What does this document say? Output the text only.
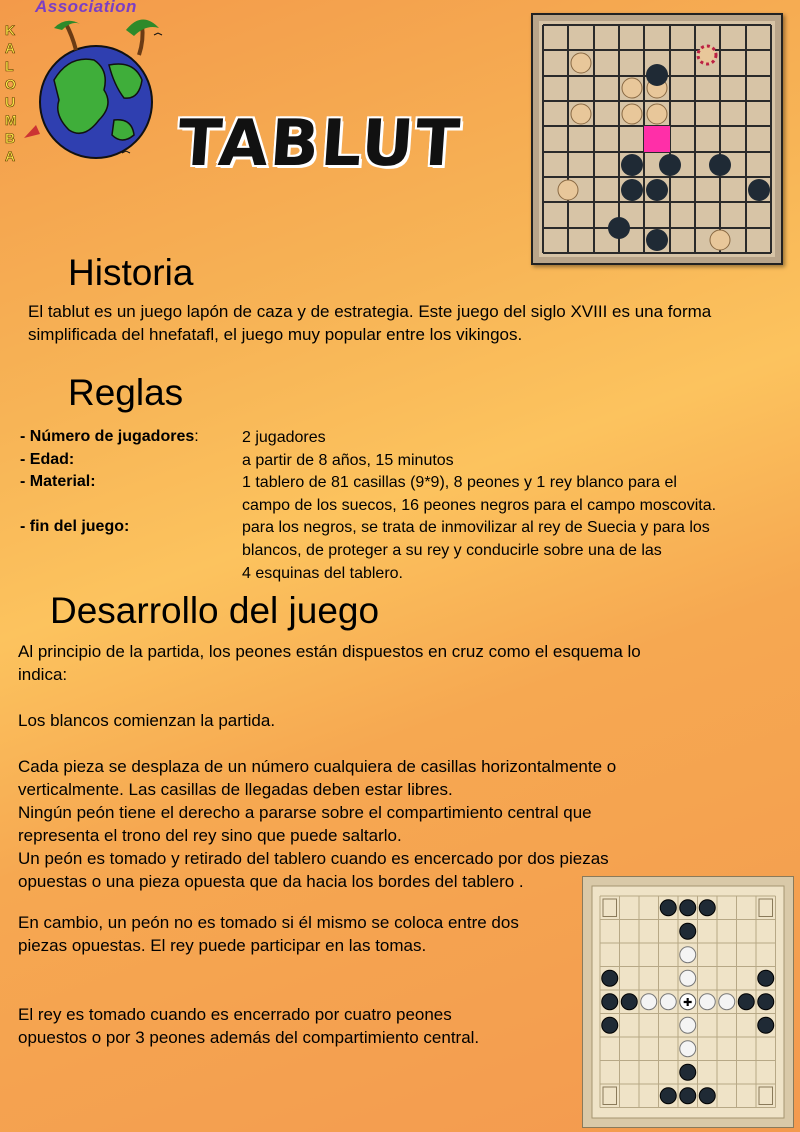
Association
K
A
L
O
U
M
B
A	TABLUT
Historia
El tablut es un juego lapón de caza y de estrategia. Este juego del siglo XVIII es una forma
simplificada del hnefatafl, el juego muy popular entre los vikingos.
Reglas
- Número de jugadores:	2 jugadores
- Edad:	a partir de 8 años, 15 minutos
- Material:	1 tablero de 81 casillas (9*9), 8 peones y 1 rey blanco para el
campo de los suecos, 16 peones negros para el campo moscovita.
- fin del juego:	para los negros, se trata de inmovilizar al rey de Suecia y para los
blancos, de proteger a su rey y conducirle sobre una de las
4 esquinas del tablero.
Desarrollo del juego
Al principio de la partida, los peones están dispuestos en cruz como el esquema lo
indica:
Los blancos comienzan la partida.
Cada pieza se desplaza de un número cualquiera de casillas horizontalmente o
verticalmente. Las casillas de llegadas deben estar libres.
Ningún peón tiene el derecho a pararse sobre el compartimiento central que
representa el trono del rey sino que puede saltarlo.
Un peón es tomado y retirado del tablero cuando es encercado por dos piezas
opuestas o una pieza opuesta que da hacia los bordes del tablero .
En cambio, un peón no es tomado si él mismo se coloca entre dos
piezas opuestas. El rey puede participar en las tomas.
El rey es tomado cuando es encerrado por cuatro peones
opuestos o por 3 peones además del compartimiento central.
✚
